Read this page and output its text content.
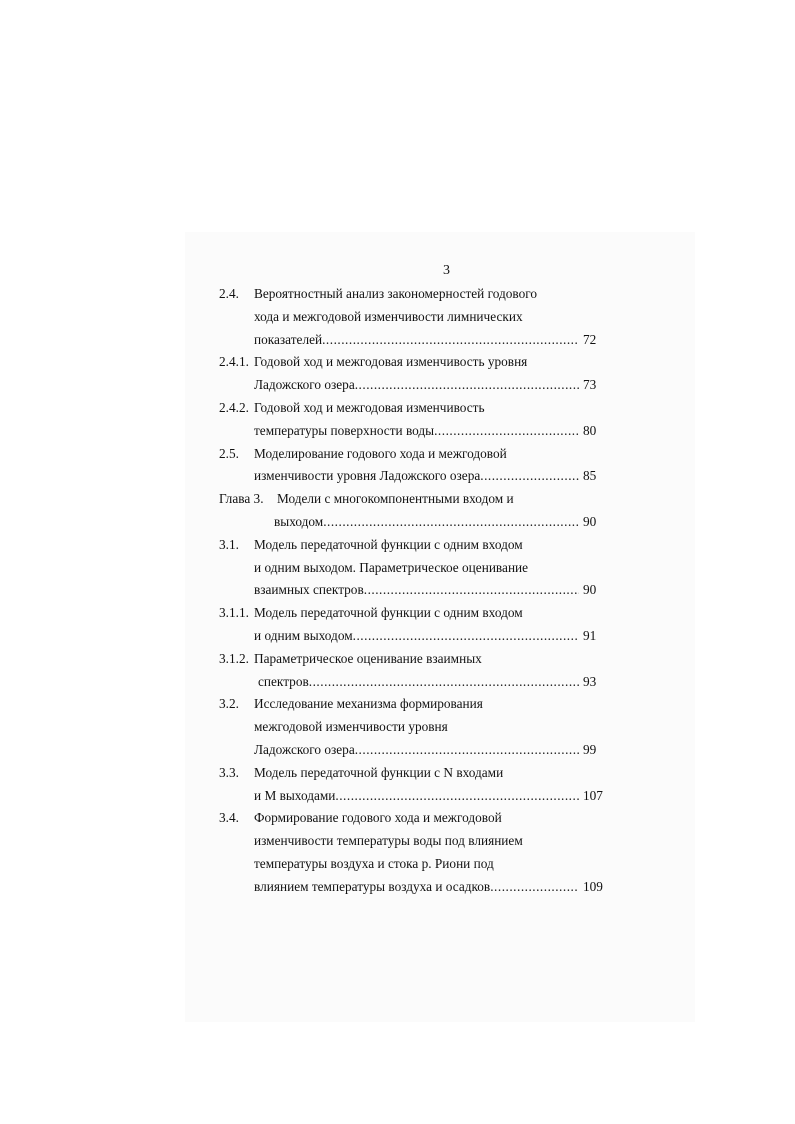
3
2.4. Вероятностный анализ закономерностей годового
хода и межгодовой изменчивости лимнических
показателей .....	72
2.4.1. Годовой ход и межгодовая изменчивость уровня
Ладожского озера .....	73
2.4.2. Годовой ход и межгодовая изменчивость
температуры поверхности воды .....	80
2.5. Моделирование годового хода и межгодовой
изменчивости уровня Ладожского озера .....	85
Глава 3. Модели с многокомпонентными входом и
выходом .....	90
3.1. Модель передаточной функции с одним входом
и одним выходом. Параметрическое оценивание
взаимных спектров .....	90
3.1.1. Модель передаточной функции с одним входом
и одним выходом .....	91
3.1.2. Параметрическое оценивание взаимных
спектров .....	93
3.2. Исследование механизма формирования
межгодовой изменчивости уровня
Ладожского озера .....	99
3.3. Модель передаточной функции с N входами
и M выходами .....	107
3.4. Формирование годового хода и межгодовой
изменчивости температуры воды под влиянием
температуры воздуха и стока р. Риони под
влиянием температуры воздуха и осадков .....	109
